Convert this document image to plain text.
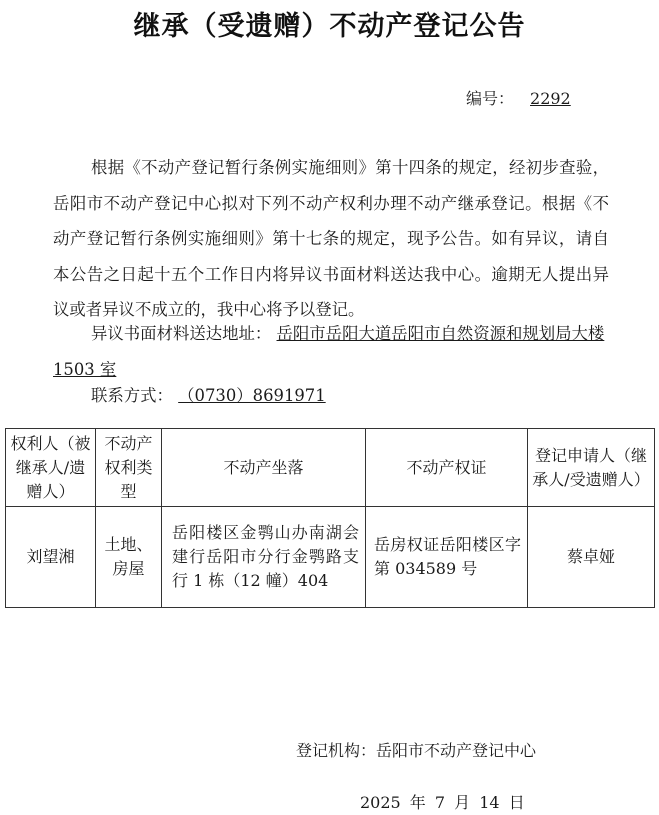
继承（受遗赠）不动产登记公告
编号： 2292

根据《不动产登记暂行条例实施细则》第十四条的规定，经初步查验，岳阳市不动产登记中心拟对下列不动产权利办理不动产继承登记。根据《不动产登记暂行条例实施细则》第十七条的规定，现予公告。如有异议，请自本公告之日起十五个工作日内将异议书面材料送达我中心。逾期无人提出异议或者异议不成立的，我中心将予以登记。

异议书面材料送达地址： 岳阳市岳阳大道岳阳市自然资源和规划局大楼 1503 室
联系方式： （0730）8691971
权利人（被继承人/遗赠人）	不动产权利类型	不动产坐落	不动产权证	登记申请人（继承人/受遗赠人）
刘望湘	土地、房屋	岳阳楼区金鹗山办南湖会建行岳阳市分行金鹗路支行 1 栋（12 幢）404	岳房权证岳阳楼区字第 034589 号	蔡卓娅
登记机构：岳阳市不动产登记中心
2025 年 7 月 14 日
